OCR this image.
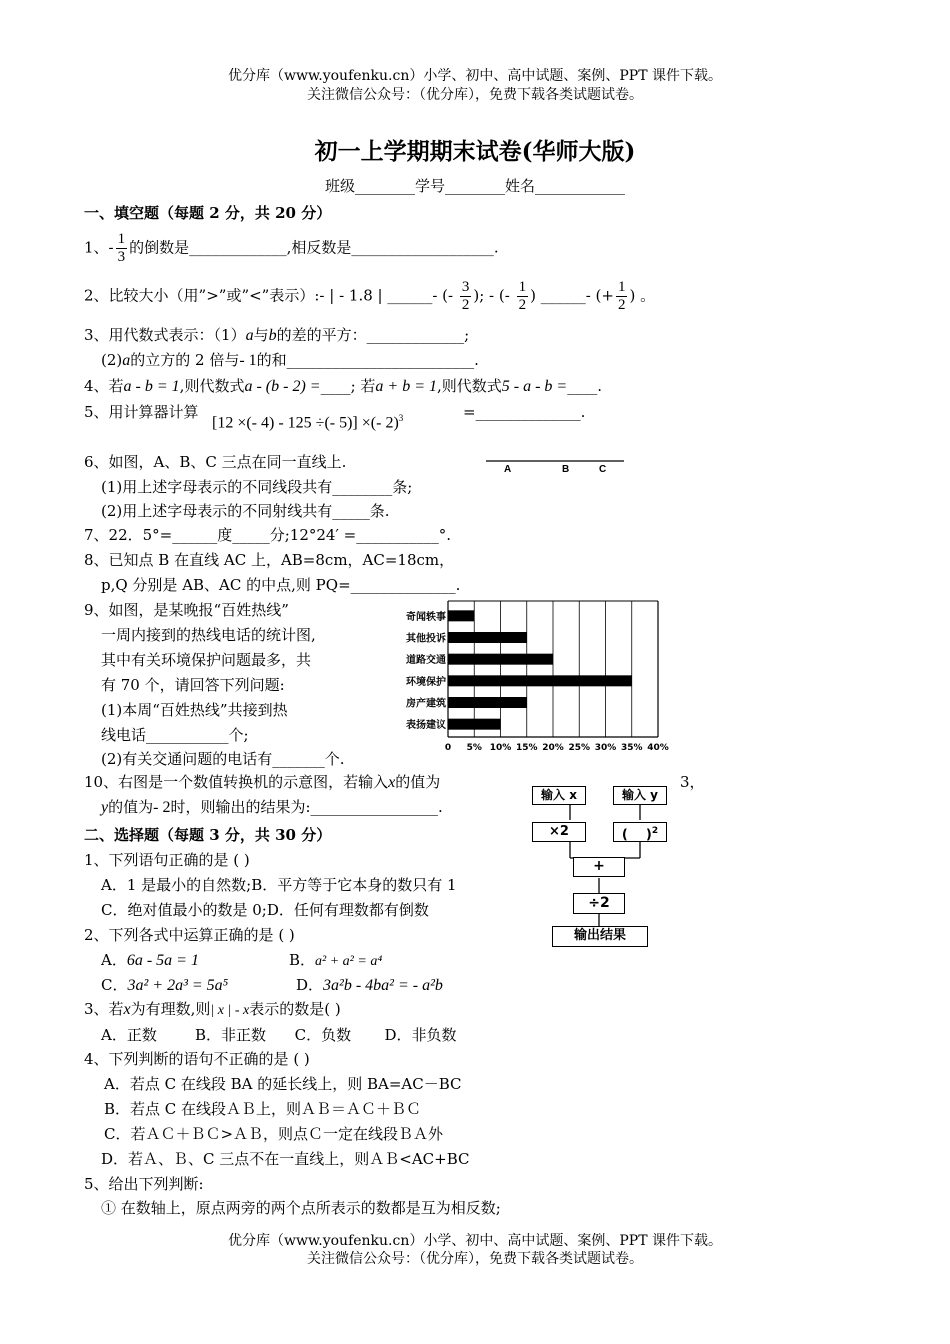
优分库（www.youfenku.cn）小学、初中、高中试题、案例、PPT 课件下载。
关注微信公众号：（优分库），免费下载各类试题试卷。
初一上学期期末试卷(华师大版)
班级________学号________姓名____________
一、填空题（每题 2 分，共 20 分）
1、- $\frac{1}{3}$ 的倒数是_____________,相反数是___________________.
2、比较大小（用”>”或”<”表示）:- | - 1.8 | ______- (- $\frac{3}{2}$ ); - (- $\frac{1}{2}$ ) ______- (+ $\frac{1}{2}$ ) 。
3、用代数式表示：（1）a与b的差的平方：_____________;
(2)a的立方的 2 倍与- 1的和_________________________.
4、若a - b = 1,则代数式a - (b - 2) =____; 若a + b = 1,则代数式5 - a - b =____.
5、用计算器计算
[12 ×(- 4) - 125 ÷(- 5)] ×(- 2)$^3$	=______________.
6、如图，A、B、C 三点在同一直线上.
(1)用上述字母表示的不同线段共有________条;
(2)用上述字母表示的不同射线共有_____条.
A	B	C
7、22．5°=______度_____分;12°24′ =___________°.
8、已知点 B 在直线 AC 上，AB=8cm，AC=18cm，
p,Q 分别是 AB、AC 的中点,则 PQ=______________.
9、如图，是某晚报“百姓热线”
一周内接到的热线电话的统计图,
其中有关环境保护问题最多，共
有 70 个，请回答下列问题:
(1)本周“百姓热线”共接到热
线电话___________个;
(2)有关交通问题的电话有_______个.
0 5% 10% 15% 20% 25% 30% 35% 40%
奇闻轶事
其他投诉
道路交通
环境保护
房产建筑
表扬建议
10、右图是一个数值转换机的示意图，若输入x的值为	3，
y的值为- 2时，则输出的结果为:_________________.
输入 x	输入 y
×2	(    )$^2$
+
÷2
输出结果
二、选择题（每题 3 分，共 30 分）
1、下列语句正确的是 ( )
A．1 是最小的自然数;B．平方等于它本身的数只有 1
C．绝对值最小的数是 0;D．任何有理数都有倒数
2、下列各式中运算正确的是 ( )
A．6a - 5a = 1	B．a² + a² = a⁴
C．3a² + 2a³ = 5a⁵	D．3a²b - 4ba² = - a²b
3、若x为有理数,则| x | - x表示的数是( )
A．正数        B．非正数      C．负数       D．非负数
4、下列判断的语句不正确的是 ( )
A．若点 C 在线段 BA 的延长线上，则 BA=AC－BC
B．若点 C 在线段ＡＢ上，则ＡＢ＝ＡＣ＋ＢＣ
C．若ＡＣ＋ＢＣ>ＡＢ，则点Ｃ一定在线段ＢＡ外
D．若Ａ、Ｂ、C 三点不在一直线上，则ＡＢ<AC+BC
5、给出下列判断:
① 在数轴上，原点两旁的两个点所表示的数都是互为相反数;
优分库（www.youfenku.cn）小学、初中、高中试题、案例、PPT 课件下载。
关注微信公众号：（优分库），免费下载各类试题试卷。
